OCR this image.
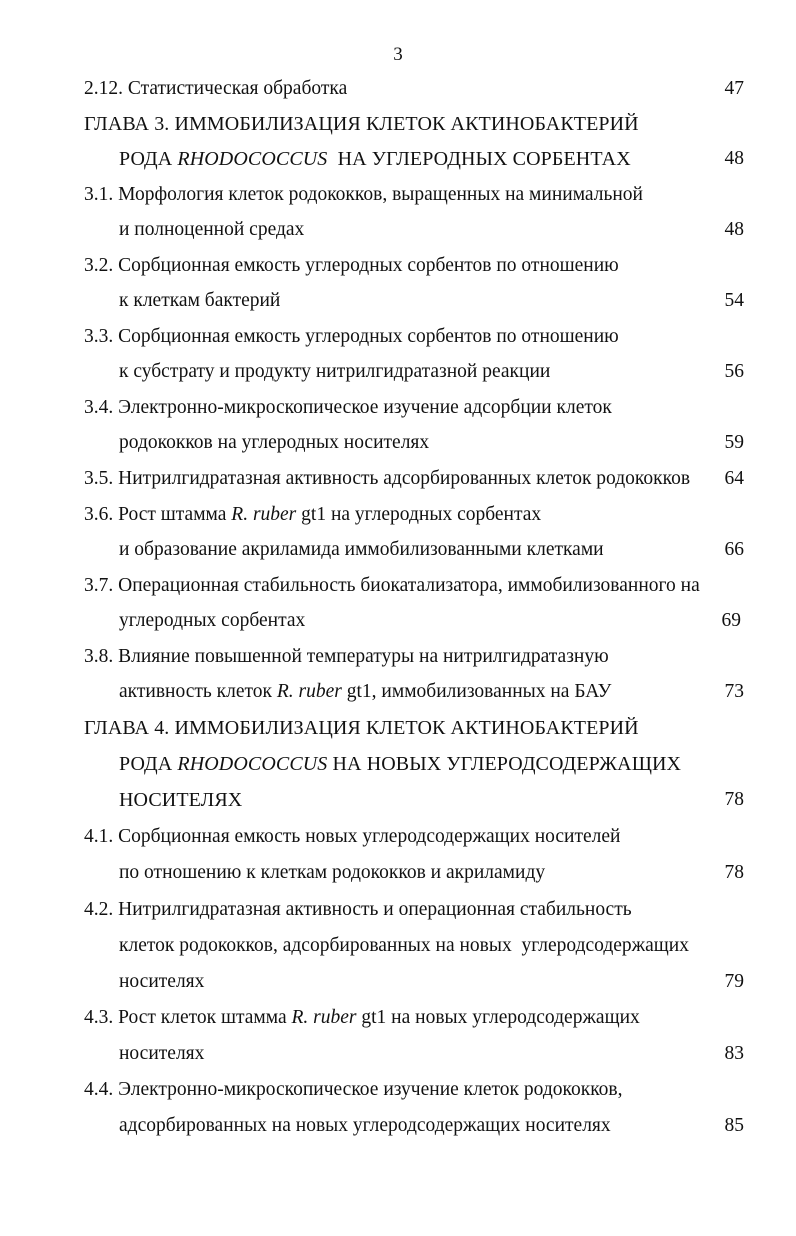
3
2.12. Статистическая обработка	47
ГЛАВА 3. ИММОБИЛИЗАЦИЯ КЛЕТОК АКТИНОБАКТЕРИЙ
РОДА RHODOCOCCUS  НА УГЛЕРОДНЫХ СОРБЕНТАХ	48
3.1. Морфология клеток родококков, выращенных на минимальной
и полноценной средах	48
3.2. Сорбционная емкость углеродных сорбентов по отношению
к клеткам бактерий	54
3.3. Сорбционная емкость углеродных сорбентов по отношению
к субстрату и продукту нитрилгидратазной реакции	56
3.4. Электронно-микроскопическое изучение адсорбции клеток
родококков на углеродных носителях	59
3.5. Нитрилгидратазная активность адсорбированных клеток родококков 64
3.6. Рост штамма R. ruber gt1 на углеродных сорбентах
и образование акриламида иммобилизованными клетками	66
3.7. Операционная стабильность биокатализатора, иммобилизованного на
углеродных сорбентах	69
3.8. Влияние повышенной температуры на нитрилгидратазную
активность клеток R. ruber gt1, иммобилизованных на БАУ	73
ГЛАВА 4. ИММОБИЛИЗАЦИЯ КЛЕТОК АКТИНОБАКТЕРИЙ
РОДА RHODOCOCCUS НА НОВЫХ УГЛЕРОДСОДЕРЖАЩИХ
НОСИТЕЛЯХ	78
4.1. Сорбционная емкость новых углеродсодержащих носителей
по отношению к клеткам родококков и акриламиду	78
4.2. Нитрилгидратазная активность и операционная стабильность
клеток родококков, адсорбированных на новых  углеродсодержащих
носителях	79
4.3. Рост клеток штамма R. ruber gt1 на новых углеродсодержащих
носителях	83
4.4. Электронно-микроскопическое изучение клеток родококков,
адсорбированных на новых углеродсодержащих носителях	85
